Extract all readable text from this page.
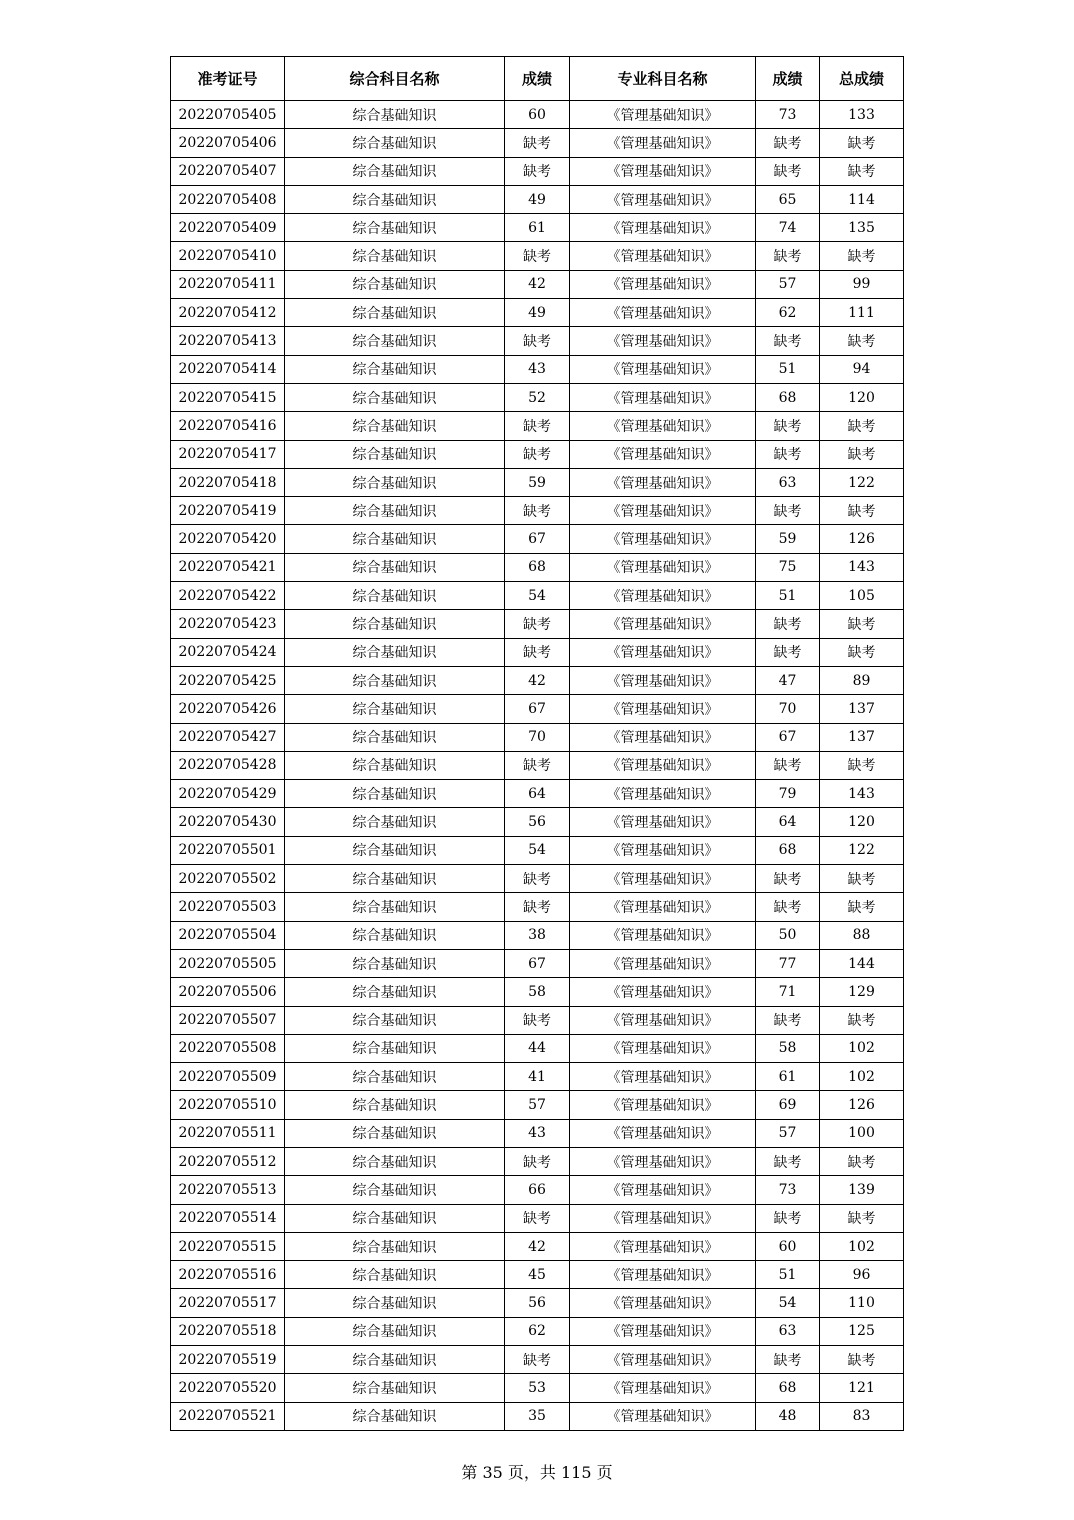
准考证号	综合科目名称	成绩	专业科目名称	成绩	总成绩
20220705405	综合基础知识	60	《管理基础知识》	73	133
20220705406	综合基础知识	缺考	《管理基础知识》	缺考	缺考
20220705407	综合基础知识	缺考	《管理基础知识》	缺考	缺考
20220705408	综合基础知识	49	《管理基础知识》	65	114
20220705409	综合基础知识	61	《管理基础知识》	74	135
20220705410	综合基础知识	缺考	《管理基础知识》	缺考	缺考
20220705411	综合基础知识	42	《管理基础知识》	57	99
20220705412	综合基础知识	49	《管理基础知识》	62	111
20220705413	综合基础知识	缺考	《管理基础知识》	缺考	缺考
20220705414	综合基础知识	43	《管理基础知识》	51	94
20220705415	综合基础知识	52	《管理基础知识》	68	120
20220705416	综合基础知识	缺考	《管理基础知识》	缺考	缺考
20220705417	综合基础知识	缺考	《管理基础知识》	缺考	缺考
20220705418	综合基础知识	59	《管理基础知识》	63	122
20220705419	综合基础知识	缺考	《管理基础知识》	缺考	缺考
20220705420	综合基础知识	67	《管理基础知识》	59	126
20220705421	综合基础知识	68	《管理基础知识》	75	143
20220705422	综合基础知识	54	《管理基础知识》	51	105
20220705423	综合基础知识	缺考	《管理基础知识》	缺考	缺考
20220705424	综合基础知识	缺考	《管理基础知识》	缺考	缺考
20220705425	综合基础知识	42	《管理基础知识》	47	89
20220705426	综合基础知识	67	《管理基础知识》	70	137
20220705427	综合基础知识	70	《管理基础知识》	67	137
20220705428	综合基础知识	缺考	《管理基础知识》	缺考	缺考
20220705429	综合基础知识	64	《管理基础知识》	79	143
20220705430	综合基础知识	56	《管理基础知识》	64	120
20220705501	综合基础知识	54	《管理基础知识》	68	122
20220705502	综合基础知识	缺考	《管理基础知识》	缺考	缺考
20220705503	综合基础知识	缺考	《管理基础知识》	缺考	缺考
20220705504	综合基础知识	38	《管理基础知识》	50	88
20220705505	综合基础知识	67	《管理基础知识》	77	144
20220705506	综合基础知识	58	《管理基础知识》	71	129
20220705507	综合基础知识	缺考	《管理基础知识》	缺考	缺考
20220705508	综合基础知识	44	《管理基础知识》	58	102
20220705509	综合基础知识	41	《管理基础知识》	61	102
20220705510	综合基础知识	57	《管理基础知识》	69	126
20220705511	综合基础知识	43	《管理基础知识》	57	100
20220705512	综合基础知识	缺考	《管理基础知识》	缺考	缺考
20220705513	综合基础知识	66	《管理基础知识》	73	139
20220705514	综合基础知识	缺考	《管理基础知识》	缺考	缺考
20220705515	综合基础知识	42	《管理基础知识》	60	102
20220705516	综合基础知识	45	《管理基础知识》	51	96
20220705517	综合基础知识	56	《管理基础知识》	54	110
20220705518	综合基础知识	62	《管理基础知识》	63	125
20220705519	综合基础知识	缺考	《管理基础知识》	缺考	缺考
20220705520	综合基础知识	53	《管理基础知识》	68	121
20220705521	综合基础知识	35	《管理基础知识》	48	83
第 35 页，共 115 页
